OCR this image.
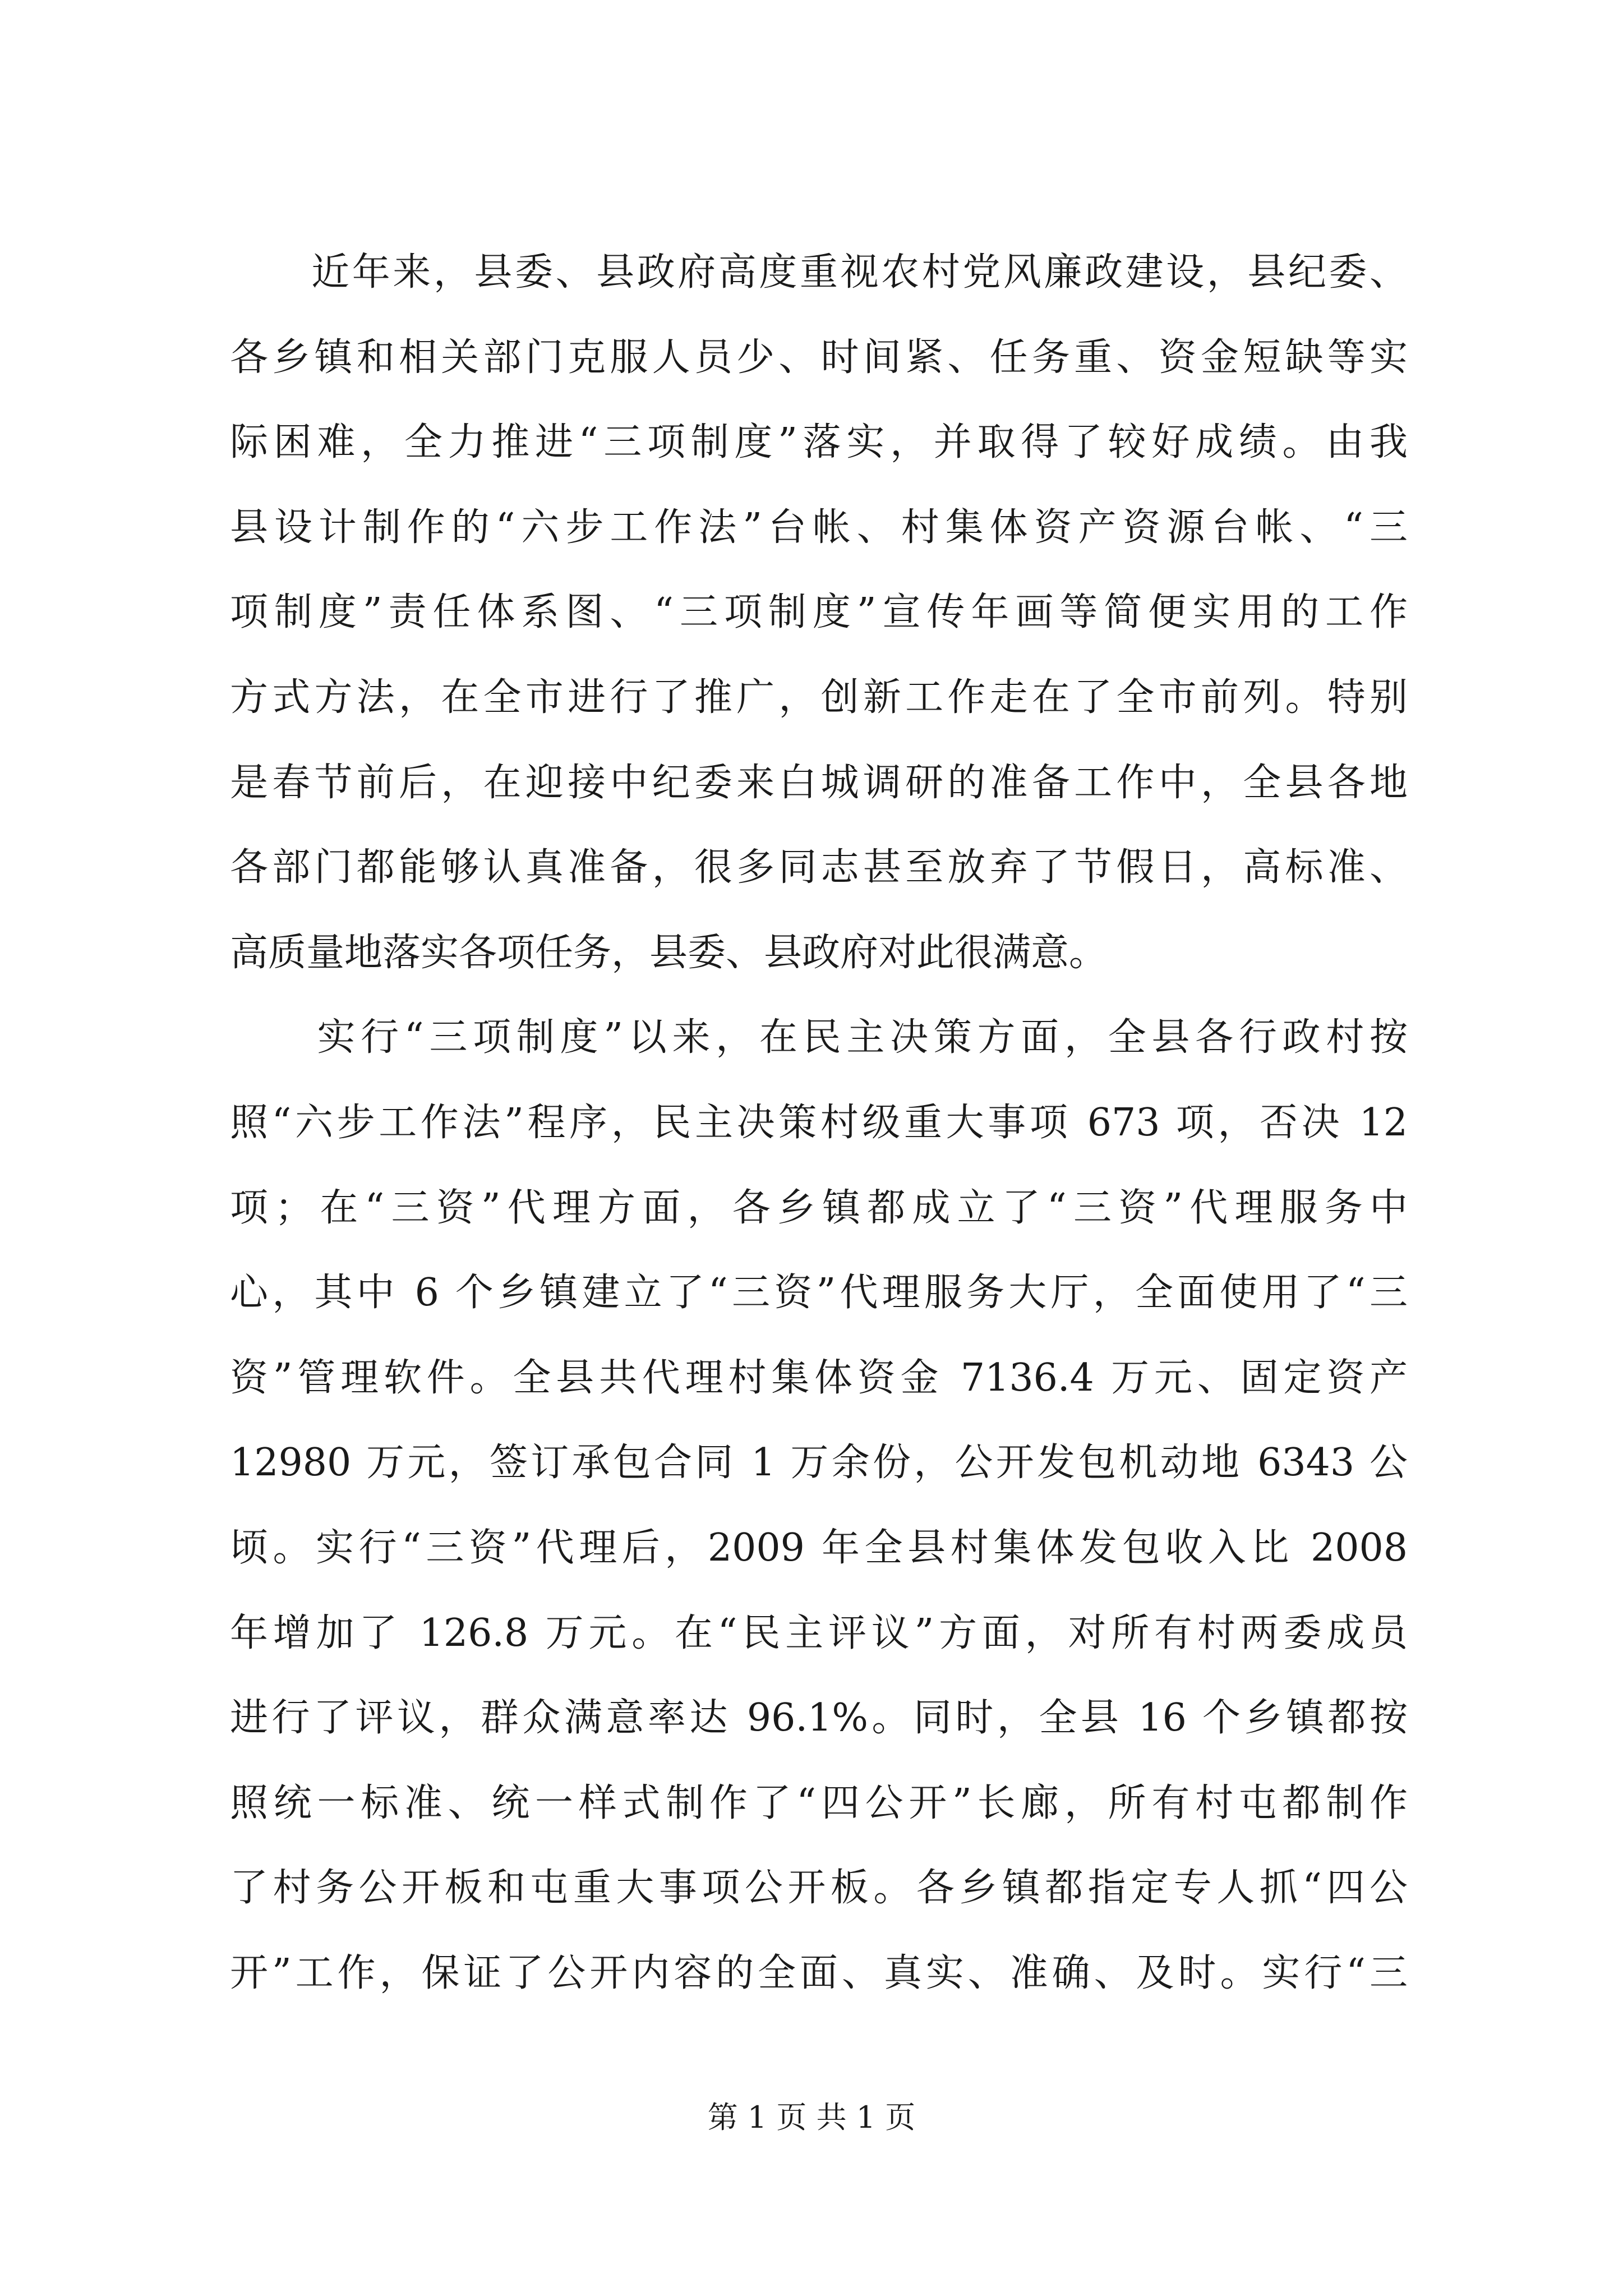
　　近年来，县委、县政府高度重视农村党风廉政建设，县纪委、
各乡镇和相关部门克服人员少、时间紧、任务重、资金短缺等实
际困难，全力推进“三项制度”落实，并取得了较好成绩。由我
县设计制作的“六步工作法”台帐、村集体资产资源台帐、“三
项制度”责任体系图、“三项制度”宣传年画等简便实用的工作
方式方法，在全市进行了推广，创新工作走在了全市前列。特别
是春节前后，在迎接中纪委来白城调研的准备工作中，全县各地
各部门都能够认真准备，很多同志甚至放弃了节假日，高标准、
高质量地落实各项任务，县委、县政府对此很满意。
　　实行“三项制度”以来，在民主决策方面，全县各行政村按
照“六步工作法”程序，民主决策村级重大事项 673 项，否决 12
项；在“三资”代理方面，各乡镇都成立了“三资”代理服务中
心，其中 6 个乡镇建立了“三资”代理服务大厅，全面使用了“三
资”管理软件。全县共代理村集体资金 7136.4 万元、固定资产
12980 万元，签订承包合同 1 万余份，公开发包机动地 6343 公
顷。实行“三资”代理后，2009 年全县村集体发包收入比 2008
年增加了 126.8 万元。在“民主评议”方面，对所有村两委成员
进行了评议，群众满意率达 96.1%。同时，全县 16 个乡镇都按
照统一标准、统一样式制作了“四公开”长廊，所有村屯都制作
了村务公开板和屯重大事项公开板。各乡镇都指定专人抓“四公
开”工作，保证了公开内容的全面、真实、准确、及时。实行“三
第 1 页 共 1 页
